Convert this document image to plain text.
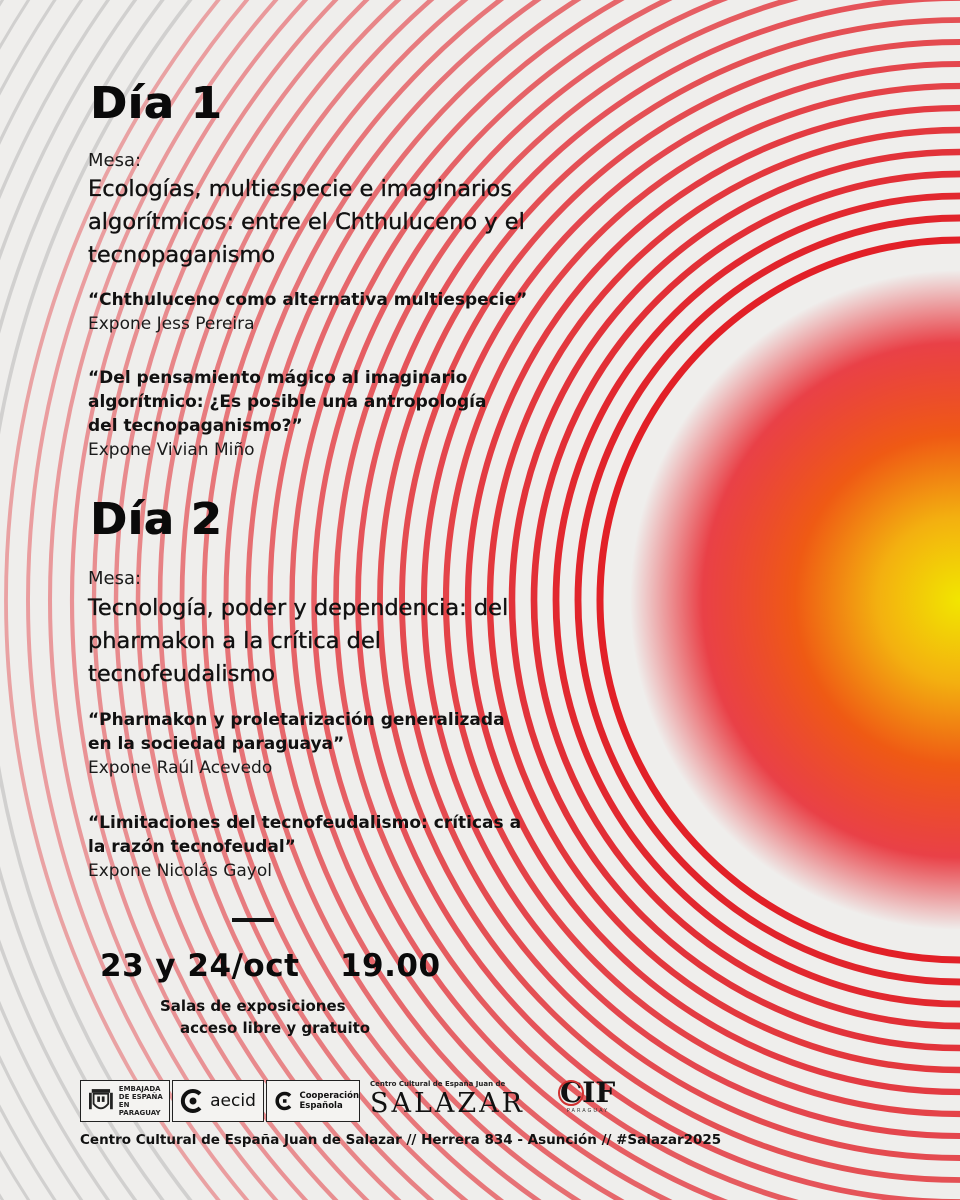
Día 1
Mesa:
Ecologías, multiespecie e imaginarios
algorítmicos: entre el Chthuluceno y el
tecnopaganismo
“Chthuluceno como alternativa multiespecie”
Expone Jess Pereira
“Del pensamiento mágico al imaginario
algorítmico: ¿Es posible una antropología
del tecnopaganismo?”
Expone Vivian Miño
Día 2
Mesa:
Tecnología, poder y dependencia: del
pharmakon a la crítica del
tecnofeudalismo
“Pharmakon y proletarización generalizada
en la sociedad paraguaya”
Expone Raúl Acevedo
“Limitaciones del tecnofeudalismo: críticas a
la razón tecnofeudal”
Expone Nicolás Gayol
23 y 24/oct 19.00
Salas de exposiciones
acceso libre y gratuito
EMBAJADA
DE ESPAÑA
EN PARAGUAY
aecid	Cooperación
Española
Centro Cultural de España Juan de
SALAZAR	CIF
PARAGUAY
Centro Cultural de España Juan de Salazar // Herrera 834 - Asunción // #Salazar2025
